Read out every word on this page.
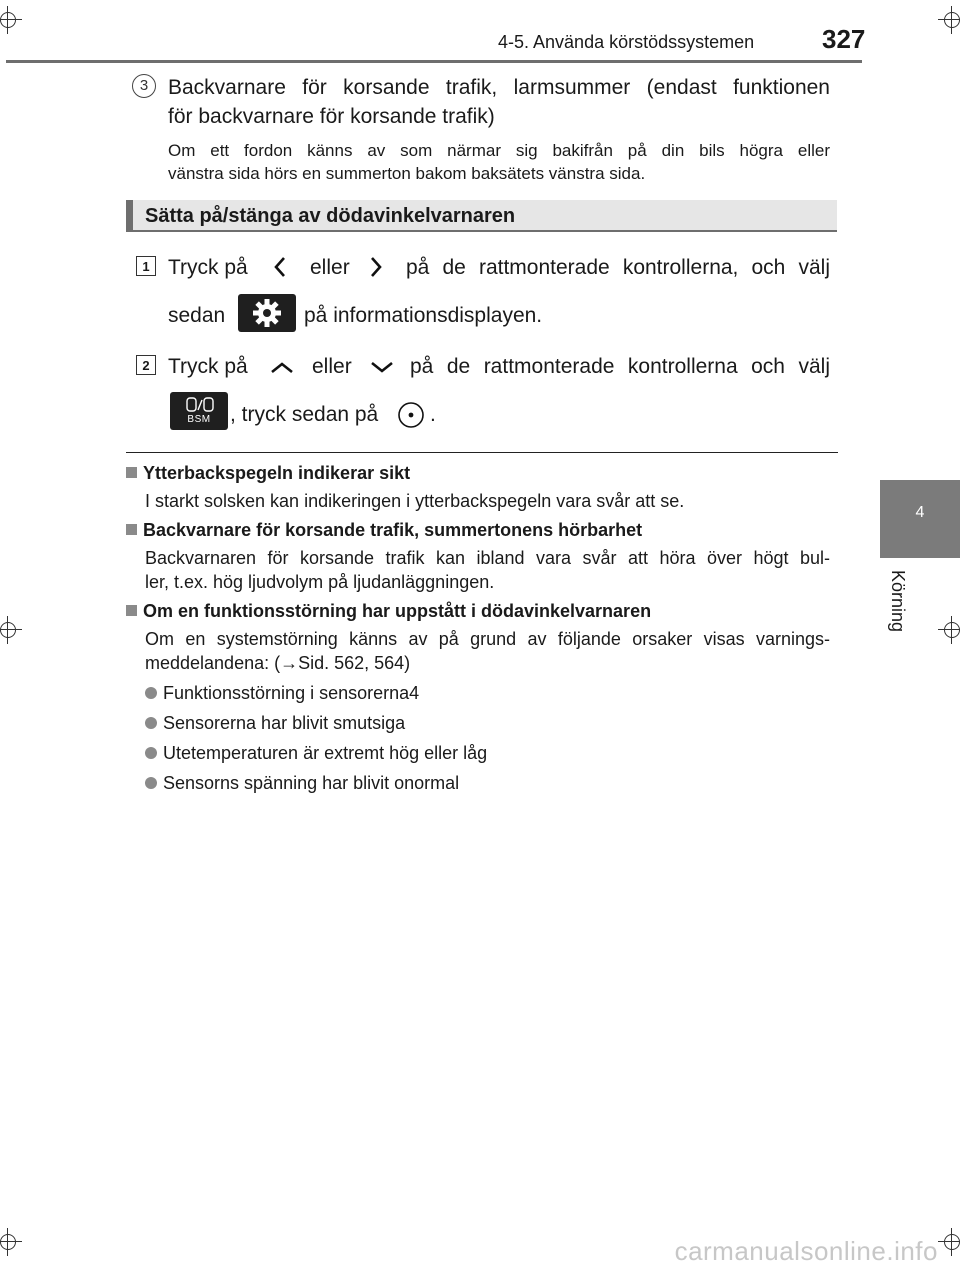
4-5. Använda körstödssystemen	327
4
Körning
3 Backvarnare för korsande trafik, larmsummer (endast funktionen
för backvarnare för korsande trafik)
Om ett fordon känns av som närmar sig bakifrån på din bils högra eller
vänstra sida hörs en summerton bakom baksätets vänstra sida.
Sätta på/stänga av dödavinkelvarnaren
1 Tryck på	eller	på de rattmonterade kontrollerna, och välj
sedan	på informationsdisplayen.
2 Tryck på	eller	på de rattmonterade kontrollerna och välj
BSM , tryck sedan på .
Ytterbackspegeln indikerar sikt
I starkt solsken kan indikeringen i ytterbackspegeln vara svår att se.
Backvarnare för korsande trafik, summertonens hörbarhet
Backvarnaren för korsande trafik kan ibland vara svår att höra över högt bul-
ler, t.ex. hög ljudvolym på ljudanläggningen.
Om en funktionsstörning har uppstått i dödavinkelvarnaren
Om en systemstörning känns av på grund av följande orsaker visas varnings-
meddelandena: (→Sid. 562, 564)
Funktionsstörning i sensorerna4
Sensorerna har blivit smutsiga
Utetemperaturen är extremt hög eller låg
Sensorns spänning har blivit onormal
carmanualsonline.info
